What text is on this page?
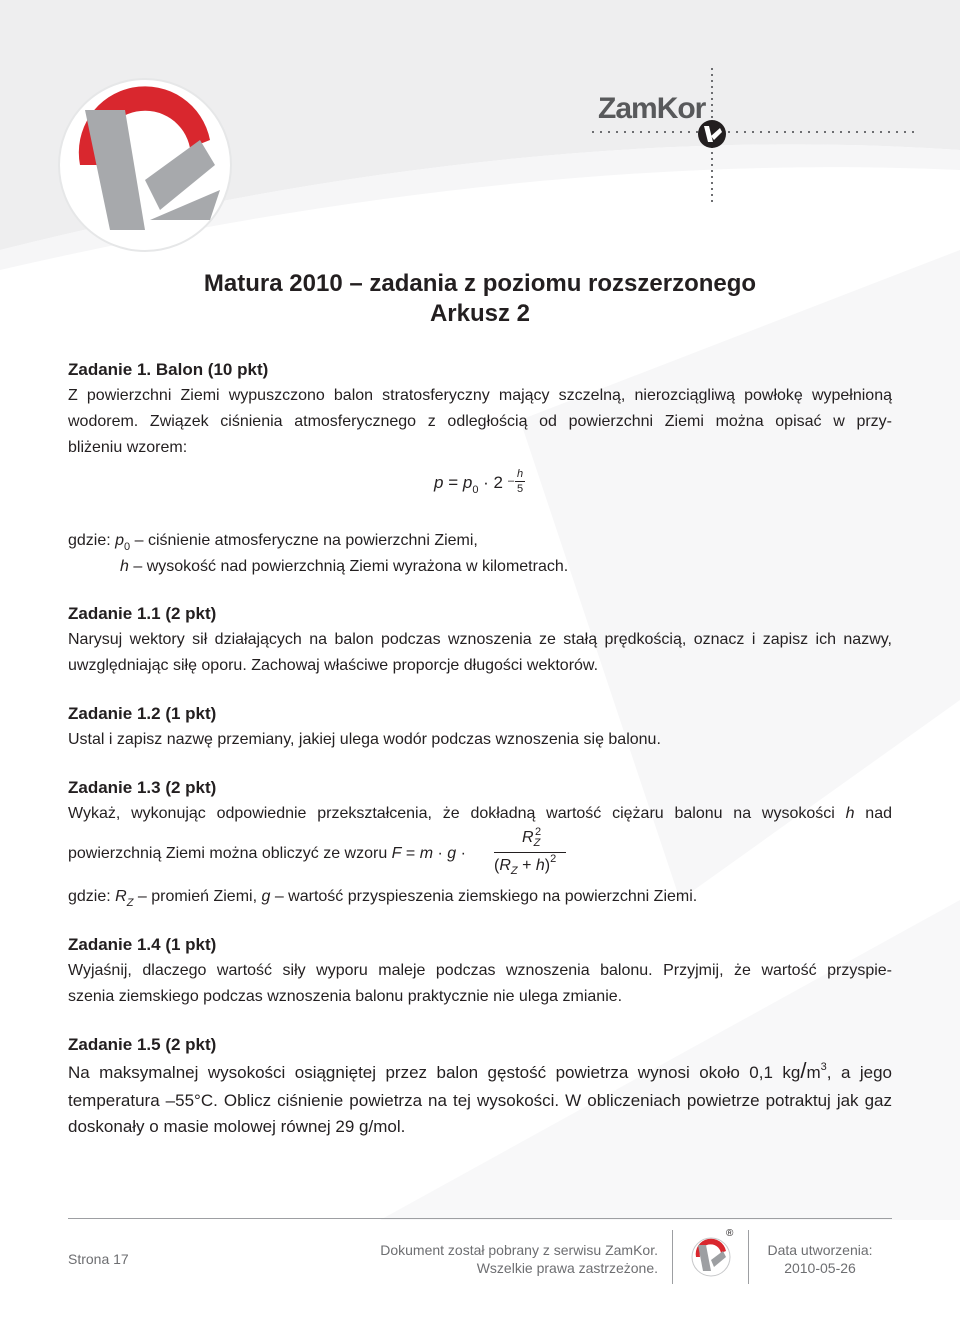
ZamKor
Matura 2010 – zadania z poziomu rozszerzonego
Arkusz 2
Zadanie 1. Balon (10 pkt)
Z powierzchni Ziemi wypuszczono balon stratosferyczny mający szczelną, nierozciągliwą powłokę wypełnioną
wodorem. Związek ciśnienia atmosferycznego z odległością od powierzchni Ziemi można opisać w przy-
bliżeniu wzorem:
$p = p_0 \cdot 2$ –
h
5
gdzie: $p_0$ – ciśnienie atmosferyczne na powierzchni Ziemi,
h – wysokość nad powierzchnią Ziemi wyrażona w kilometrach.
Zadanie 1.1 (2 pkt)
Narysuj wektory sił działających na balon podczas wznoszenia ze stałą prędkością, oznacz i zapisz ich nazwy,
uwzględniając siłę oporu. Zachowaj właściwe proporcje długości wektorów.
Zadanie 1.2 (1 pkt)
Ustal i zapisz nazwę przemiany, jakiej ulega wodór podczas wznoszenia się balonu.
Zadanie 1.3 (2 pkt)
Wykaż, wykonując odpowiednie przekształcenia, że dokładną wartość ciężaru balonu na wysokości h nad
powierzchnią Ziemi można obliczyć ze wzoru F = m · g ·
$R_Z$
2
$(R_Z + h)^2$
gdzie: $R_Z$ – promień Ziemi, g – wartość przyspieszenia ziemskiego na powierzchni Ziemi.
Zadanie 1.4 (1 pkt)
Wyjaśnij, dlaczego wartość siły wyporu maleje podczas wznoszenia balonu. Przyjmij, że wartość przyspie-
szenia ziemskiego podczas wznoszenia balonu praktycznie nie ulega zmianie.
Zadanie 1.5 (2 pkt)
Na maksymalnej wysokości osiągniętej przez balon gęstość powietrza wynosi około 0,1 $kg/m^3$, a jego
temperatura –55°C. Oblicz ciśnienie powietrza na tej wysokości. W obliczeniach powietrze potraktuj jak gaz
doskonały o masie molowej równej 29 g/mol.
Strona 17
Dokument został pobrany z serwisu ZamKor.
Wszelkie prawa zastrzeżone.
®
Data utworzenia:
2010-05-26
